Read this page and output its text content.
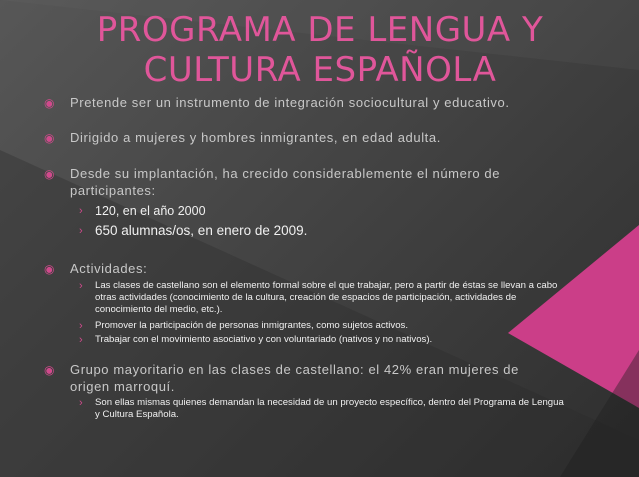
PROGRAMA DE LENGUA Y CULTURA ESPAÑOLA
◉ Pretende ser un instrumento de integración sociocultural y educativo.
◉ Dirigido a mujeres y hombres inmigrantes, en edad adulta.
◉ Desde su implantación, ha crecido considerablemente el número de participantes:
› 120, en el año 2000
› 650 alumnas/os, en enero de 2009.
◉ Actividades:
› Las clases de castellano son el elemento formal sobre el que trabajar, pero a partir de éstas se llevan a cabo otras actividades (conocimiento de la cultura, creación de espacios de participación, actividades de conocimiento del medio, etc.).
› Promover la participación de personas inmigrantes, como sujetos activos.
› Trabajar con el movimiento asociativo y con voluntariado (nativos y no nativos).
◉ Grupo mayoritario en las clases de castellano: el 42% eran mujeres de origen marroquí.
› Son ellas mismas quienes demandan la necesidad de un proyecto específico, dentro del Programa de Lengua y Cultura Española.
